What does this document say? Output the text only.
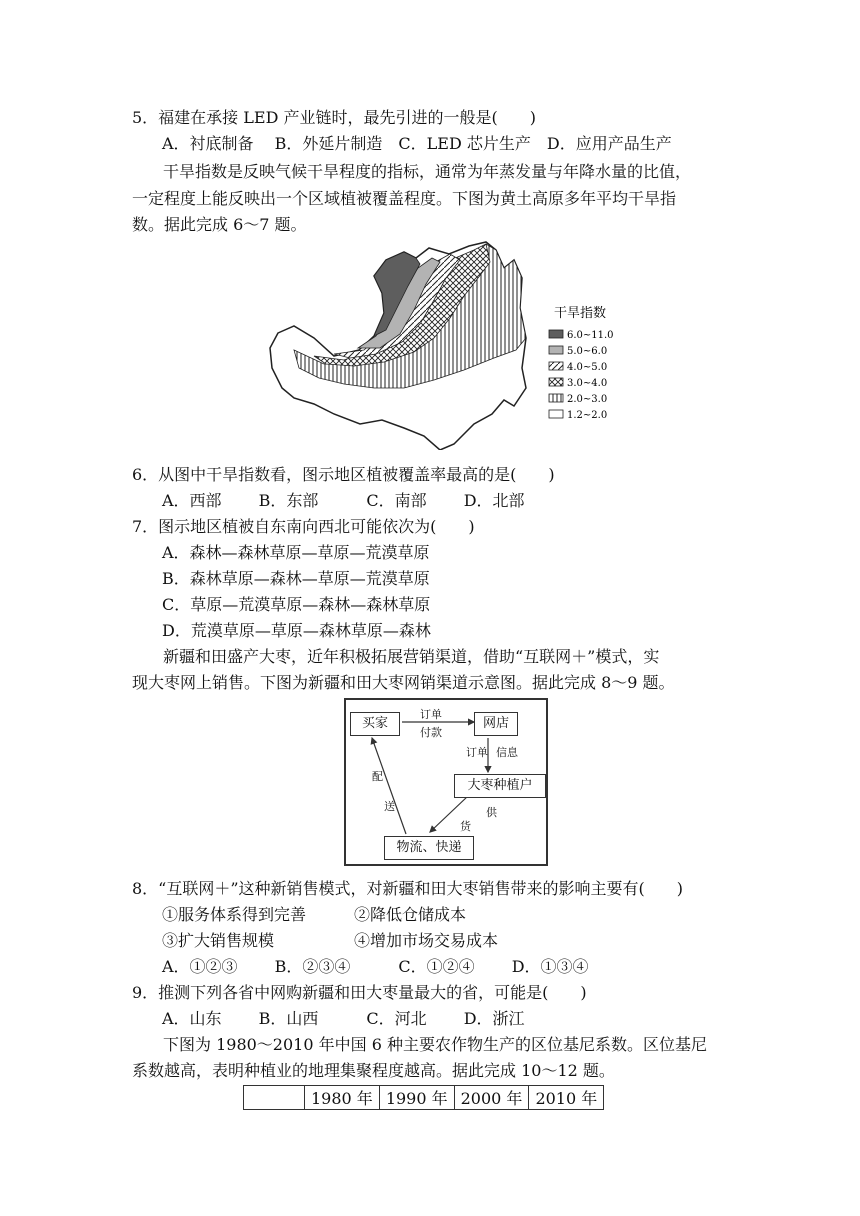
5．福建在承接 LED 产业链时，最先引进的一般是(　　)
A．衬底制备　 B．外延片制造　C．LED 芯片生产　D．应用产品生产
干旱指数是反映气候干旱程度的指标，通常为年蒸发量与年降水量的比值，
一定程度上能反映出一个区域植被覆盖程度。下图为黄土高原多年平均干旱指
数。据此完成 6～7 题。
干旱指数
6.0~11.0
5.0~6.0
4.0~5.0
3.0~4.0
2.0~3.0
1.2~2.0
6．从图中干旱指数看，图示地区植被覆盖率最高的是(　　)
A．西部　　 B．东部　　　C．南部　　 D．北部
7．图示地区植被自东南向西北可能依次为(　　)
A．森林—森林草原—草原—荒漠草原
B．森林草原—森林—草原—荒漠草原
C．草原—荒漠草原—森林—森林草原
D．荒漠草原—草原—森林草原—森林
新疆和田盛产大枣，近年积极拓展营销渠道，借助“互联网＋”模式，实
现大枣网上销售。下图为新疆和田大枣网销渠道示意图。据此完成 8～9 题。
买家	网店
大枣种植户
物流、快递
订单
付款
订单 信息
供
货
配
送
8．“互联网＋”这种新销售模式，对新疆和田大枣销售带来的影响主要有(　　)
①服务体系得到完善　　　②降低仓储成本
③扩大销售规模　　　　　④增加市场交易成本
A．①②③　　 B．②③④　　　C．①②④　　 D．①③④
9．推测下列各省中网购新疆和田大枣量最大的省，可能是(　　)
A．山东　　 B．山西　　　C．河北　　 D．浙江
下图为 1980～2010 年中国 6 种主要农作物生产的区位基尼系数。区位基尼
系数越高，表明种植业的地理集聚程度越高。据此完成 10～12 题。
	1980 年	1990 年	2000 年	2010 年
